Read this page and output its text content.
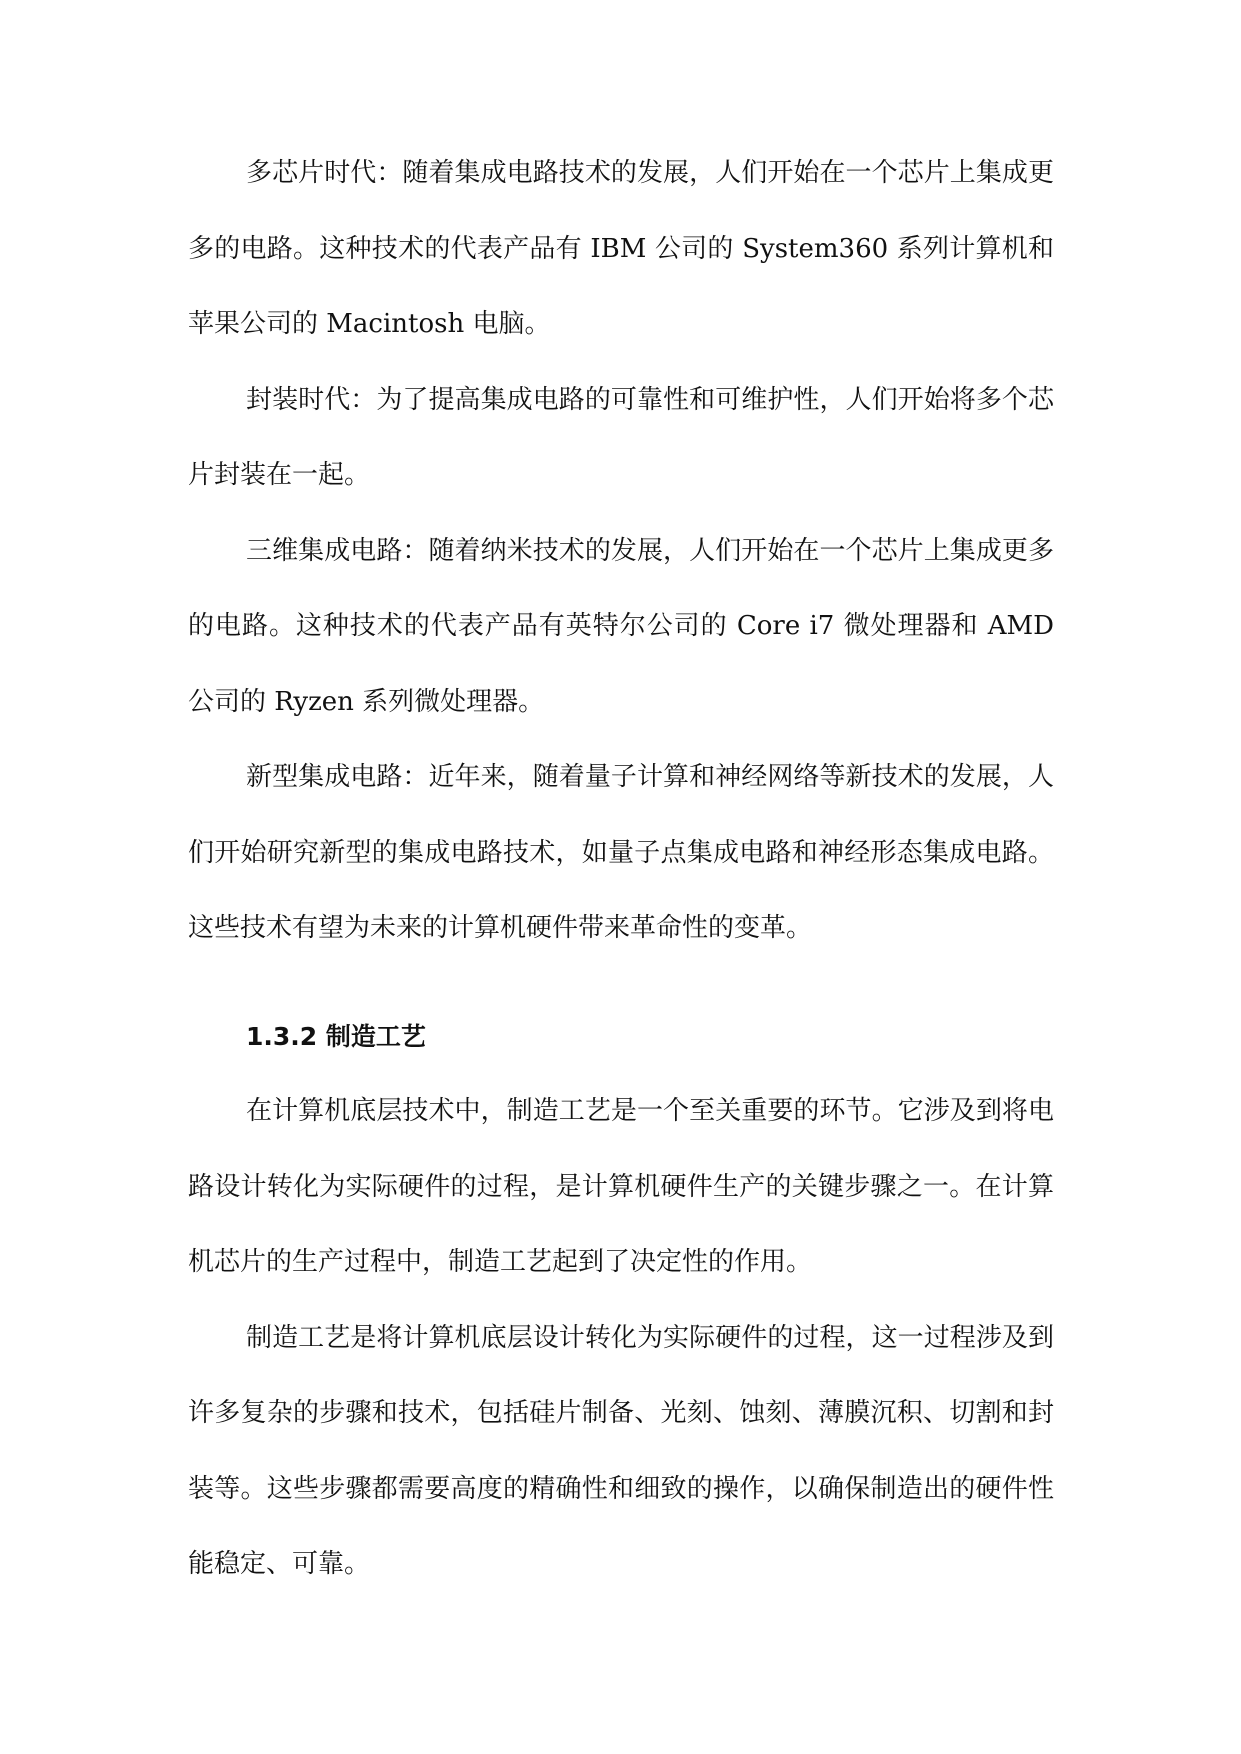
多芯片时代：随着集成电路技术的发展，人们开始在一个芯片上集成更多的电路。这种技术的代表产品有 IBM 公司的 System360 系列计算机和苹果公司的 Macintosh 电脑。

封装时代：为了提高集成电路的可靠性和可维护性，人们开始将多个芯片封装在一起。

三维集成电路：随着纳米技术的发展，人们开始在一个芯片上集成更多的电路。这种技术的代表产品有英特尔公司的 Core i7 微处理器和 AMD 公司的 Ryzen 系列微处理器。

新型集成电路：近年来，随着量子计算和神经网络等新技术的发展，人们开始研究新型的集成电路技术，如量子点集成电路和神经形态集成电路。这些技术有望为未来的计算机硬件带来革命性的变革。

1.3.2 制造工艺

在计算机底层技术中，制造工艺是一个至关重要的环节。它涉及到将电路设计转化为实际硬件的过程，是计算机硬件生产的关键步骤之一。在计算机芯片的生产过程中，制造工艺起到了决定性的作用。

制造工艺是将计算机底层设计转化为实际硬件的过程，这一过程涉及到许多复杂的步骤和技术，包括硅片制备、光刻、蚀刻、薄膜沉积、切割和封装等。这些步骤都需要高度的精确性和细致的操作，以确保制造出的硬件性能稳定、可靠。
